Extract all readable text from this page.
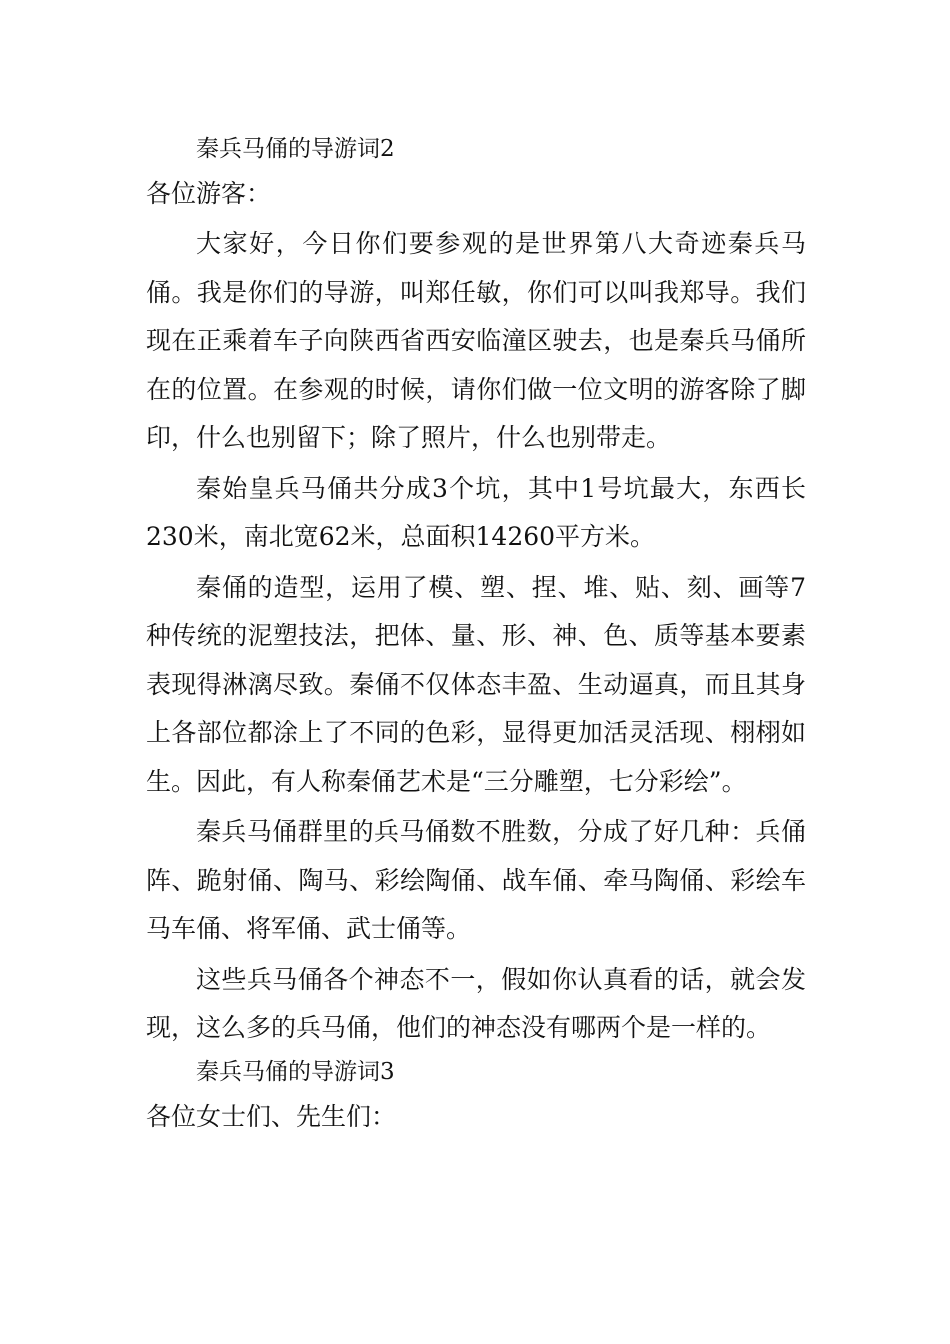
秦兵马俑的导游词2
各位游客：

大家好，今日你们要参观的是世界第八大奇迹秦兵马俑。我是你们的导游，叫郑任敏，你们可以叫我郑导。我们现在正乘着车子向陕西省西安临潼区驶去，也是秦兵马俑所在的位置。在参观的时候，请你们做一位文明的游客除了脚印，什么也别留下；除了照片，什么也别带走。

秦始皇兵马俑共分成3个坑，其中1号坑最大，东西长230米，南北宽62米，总面积14260平方米。

秦俑的造型，运用了模、塑、捏、堆、贴、刻、画等7种传统的泥塑技法，把体、量、形、神、色、质等基本要素表现得淋漓尽致。秦俑不仅体态丰盈、生动逼真，而且其身上各部位都涂上了不同的色彩，显得更加活灵活现、栩栩如生。因此，有人称秦俑艺术是“三分雕塑，七分彩绘”。

秦兵马俑群里的兵马俑数不胜数，分成了好几种：兵俑阵、跪射俑、陶马、彩绘陶俑、战车俑、牵马陶俑、彩绘车马车俑、将军俑、武士俑等。

这些兵马俑各个神态不一，假如你认真看的话，就会发现，这么多的兵马俑，他们的神态没有哪两个是一样的。

秦兵马俑的导游词3
各位女士们、先生们：
